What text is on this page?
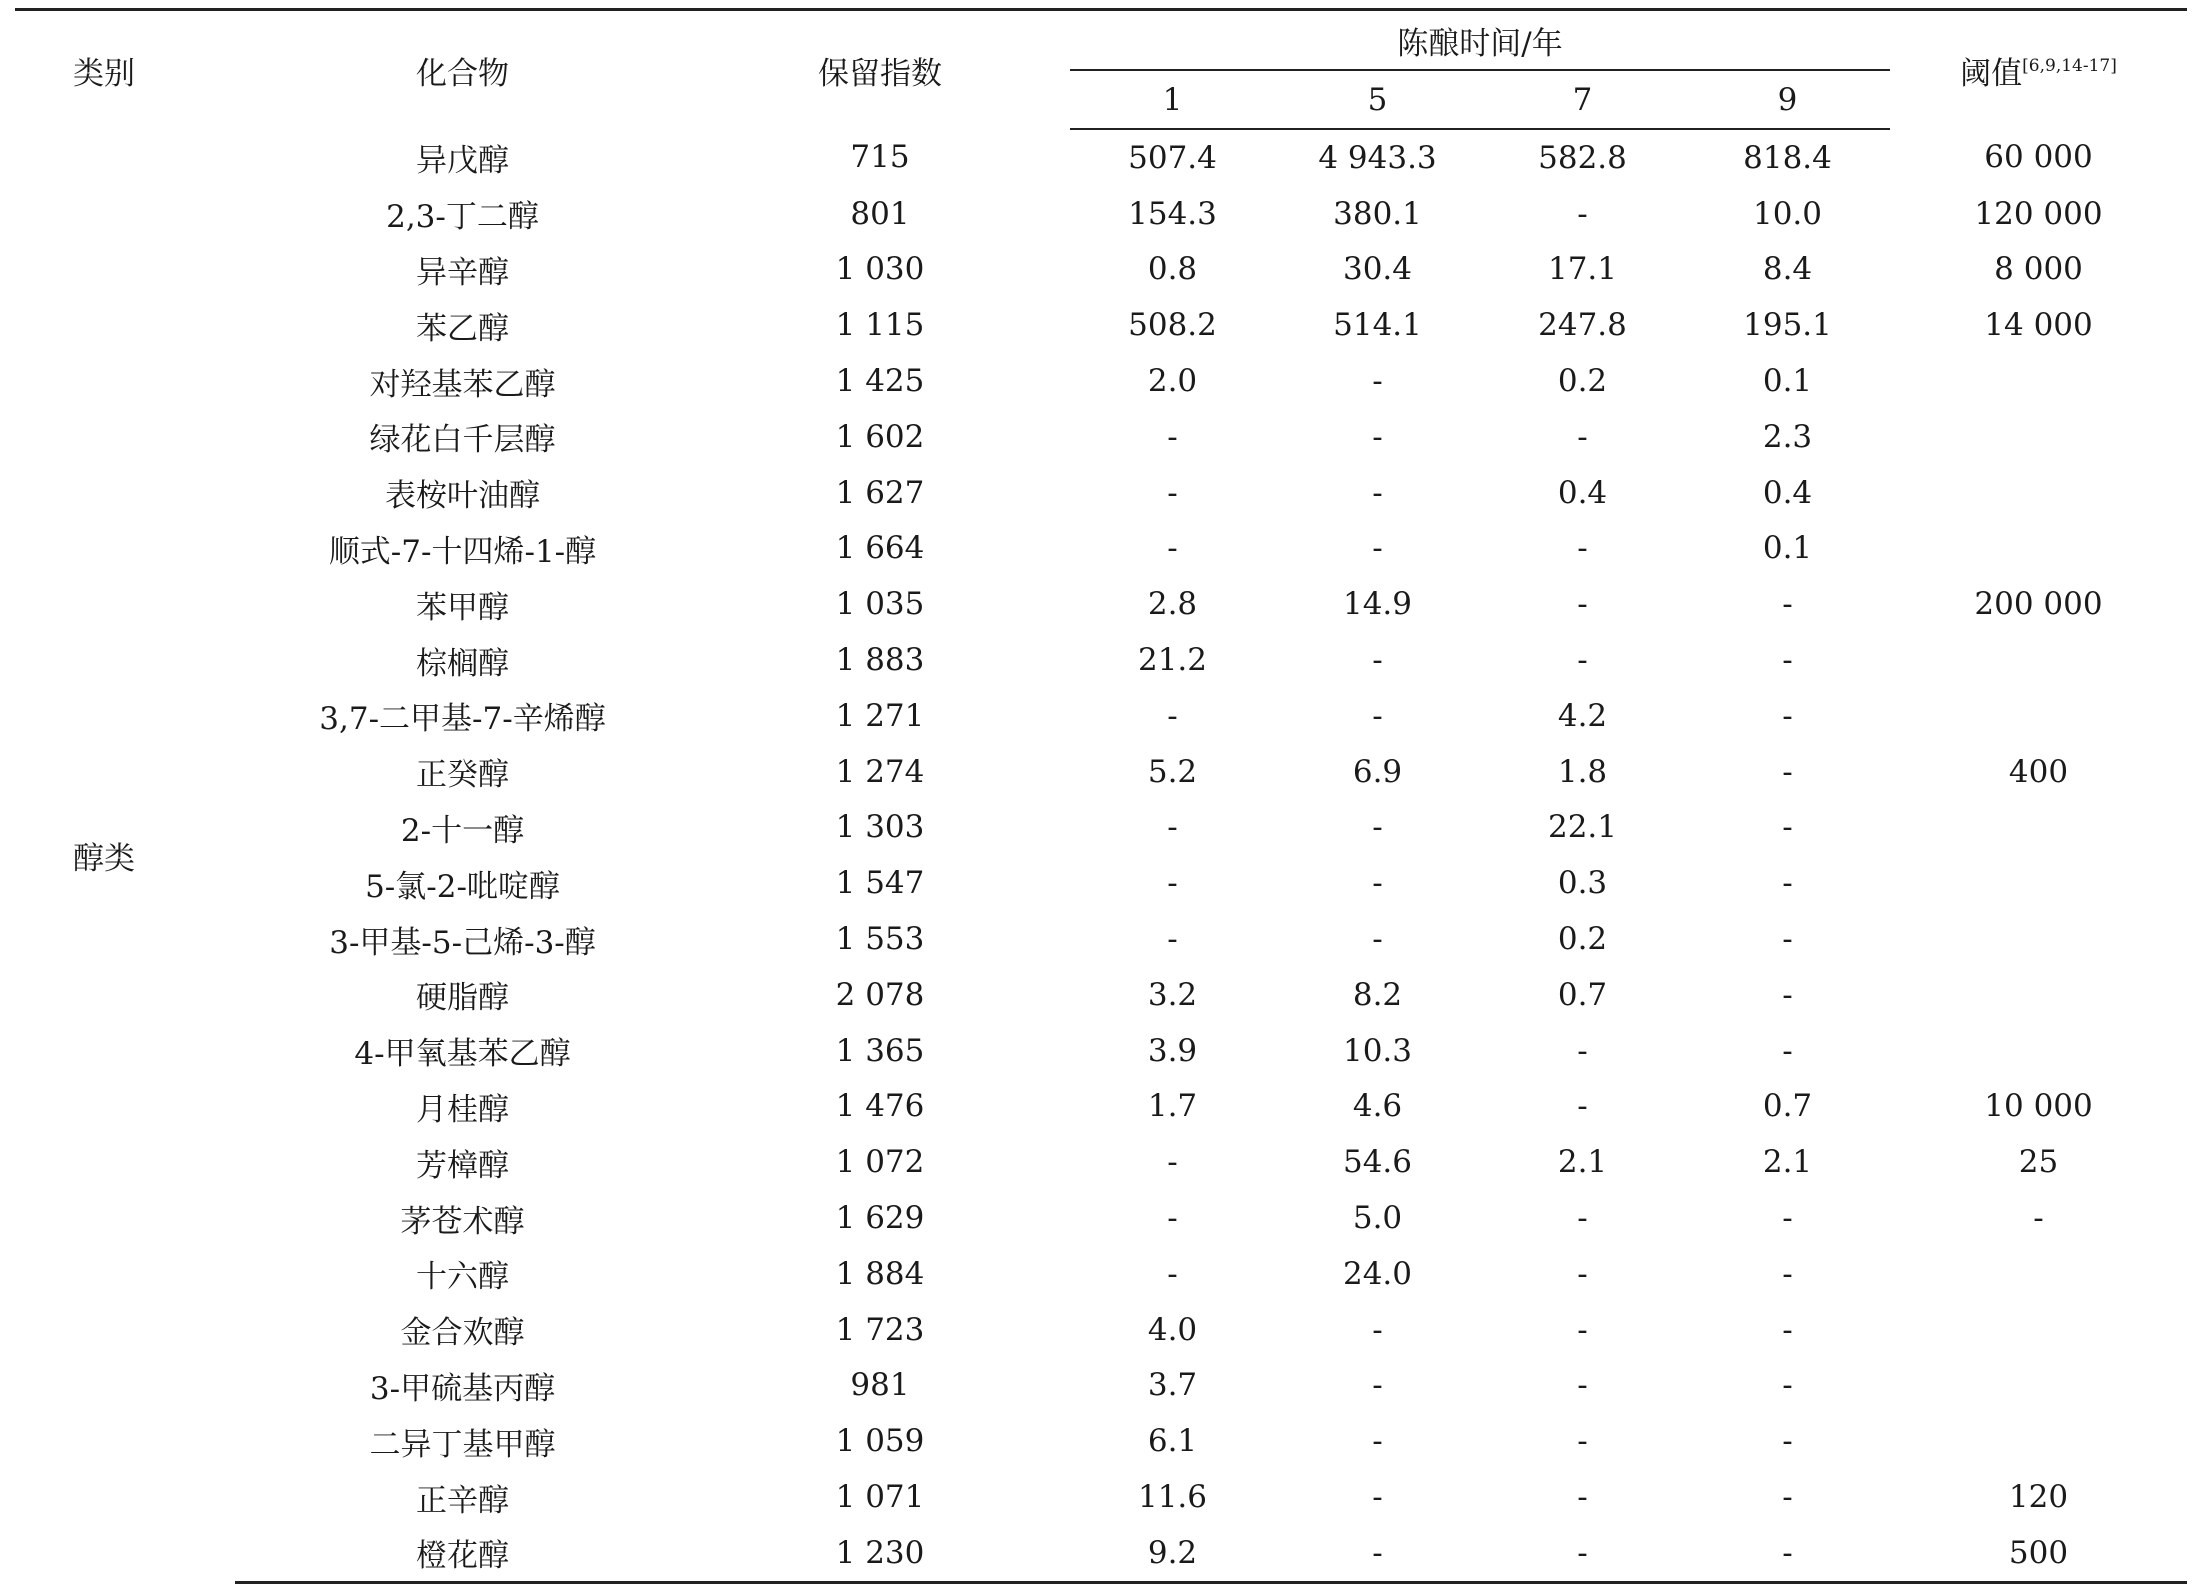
类别	化合物	保留指数	陈酿时间/年				阈值[6,9,14-17]
			1	5	7	9	
醇类	异戊醇	715	507.4	4 943.3	582.8	818.4	60 000
	2,3-丁二醇	801	154.3	380.1	-	10.0	120 000
	异辛醇	1 030	0.8	30.4	17.1	8.4	8 000
	苯乙醇	1 115	508.2	514.1	247.8	195.1	14 000
	对羟基苯乙醇	1 425	2.0	-	0.2	0.1	
	绿花白千层醇	1 602	-	-	-	2.3	
	表桉叶油醇	1 627	-	-	0.4	0.4	
	顺式-7-十四烯-1-醇	1 664	-	-	-	0.1	
	苯甲醇	1 035	2.8	14.9	-	-	200 000
	棕榈醇	1 883	21.2	-	-	-	
	3,7-二甲基-7-辛烯醇	1 271	-	-	4.2	-	
	正癸醇	1 274	5.2	6.9	1.8	-	400
	2-十一醇	1 303	-	-	22.1	-	
	5-氯-2-吡啶醇	1 547	-	-	0.3	-	
	3-甲基-5-己烯-3-醇	1 553	-	-	0.2	-	
	硬脂醇	2 078	3.2	8.2	0.7	-	
	4-甲氧基苯乙醇	1 365	3.9	10.3	-	-	
	月桂醇	1 476	1.7	4.6	-	0.7	10 000
	芳樟醇	1 072	-	54.6	2.1	2.1	25
	茅苍术醇	1 629	-	5.0	-	-	-
	十六醇	1 884	-	24.0	-	-	
	金合欢醇	1 723	4.0	-	-	-	
	3-甲硫基丙醇	981	3.7	-	-	-	
	二异丁基甲醇	1 059	6.1	-	-	-	
	正辛醇	1 071	11.6	-	-	-	120
	橙花醇	1 230	9.2	-	-	-	500
